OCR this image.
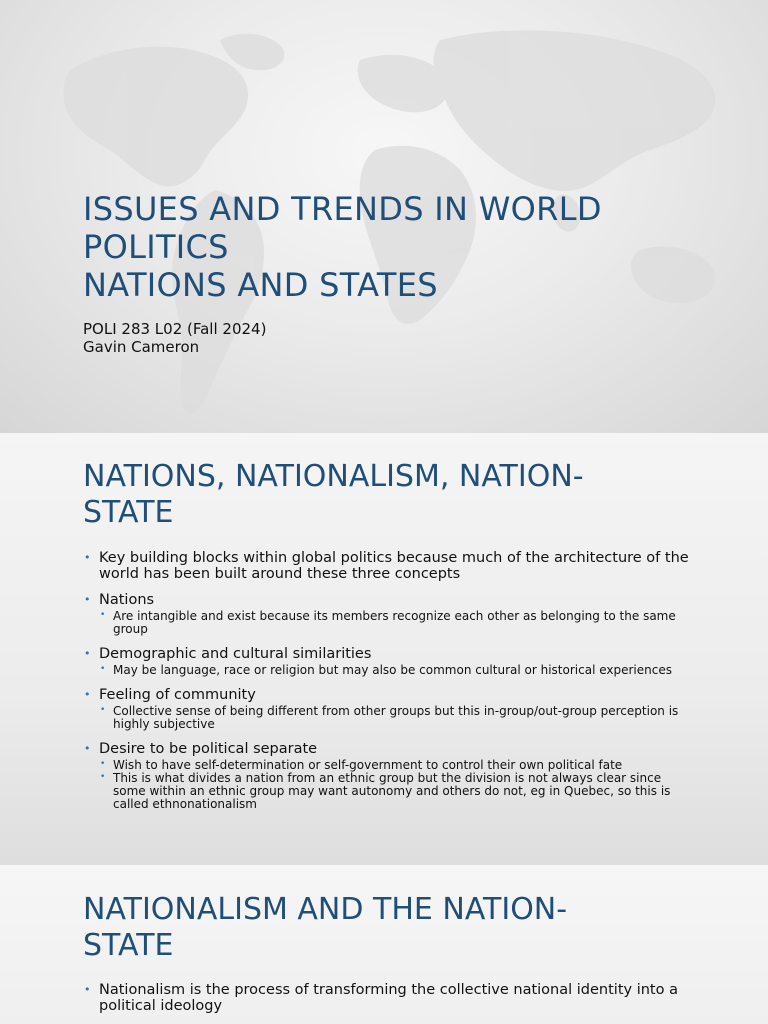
ISSUES AND TRENDS IN WORLD
POLITICS
NATIONS AND STATES
POLI 283 L02 (Fall 2024)
Gavin Cameron
NATIONS, NATIONALISM, NATION-
STATE
• Key building blocks within global politics because much of the architecture of the world has been built around these three concepts
• Nations
• Are intangible and exist because its members recognize each other as belonging to the same group
• Demographic and cultural similarities
• May be language, race or religion but may also be common cultural or historical experiences
• Feeling of community
• Collective sense of being different from other groups but this in-group/out-group perception is highly subjective
• Desire to be political separate
• Wish to have self-determination or self-government to control their own political fate
• This is what divides a nation from an ethnic group but the division is not always clear since some within an ethnic group may want autonomy and others do not, eg in Quebec, so this is called ethnonationalism
NATIONALISM AND THE NATION-
STATE
• Nationalism is the process of transforming the collective national identity into a political ideology
